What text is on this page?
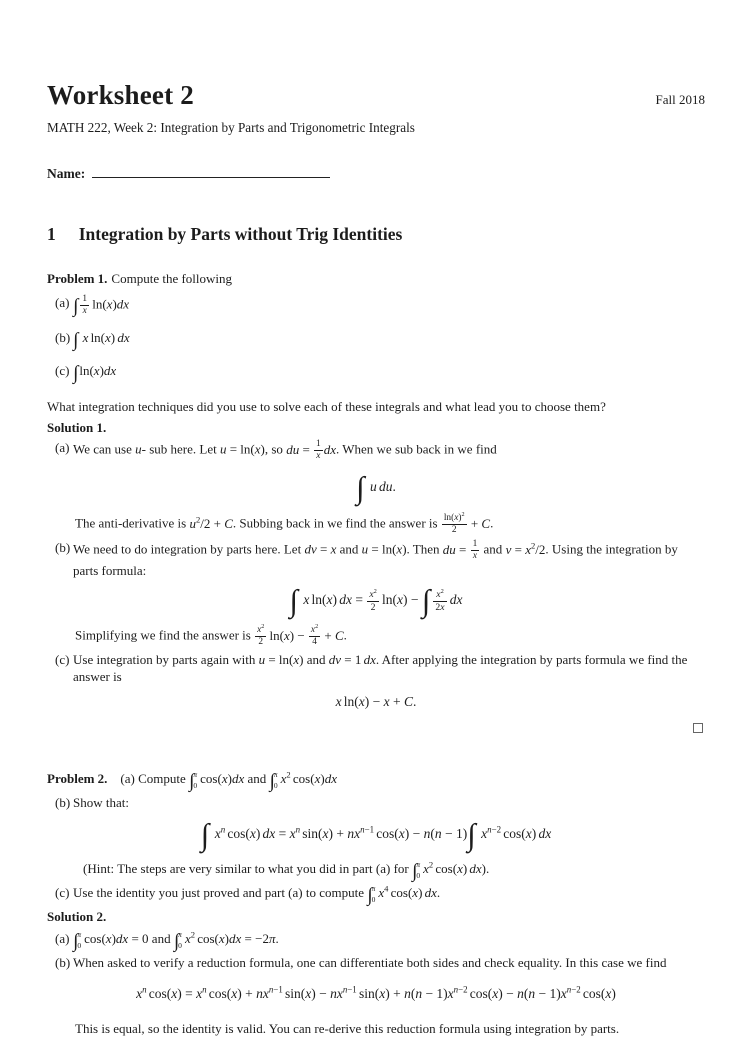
Worksheet 2	Fall 2018
MATH 222, Week 2: Integration by Parts and Trigonometric Integrals
Name:
1 Integration by Parts without Trig Identities

Problem 1. Compute the following

(a) ∫ $\frac{1}{x} \ln(x)dx$
(b) ∫ x ln(x) dx
(c) ∫ln(x)dx

What integration techniques did you use to solve each of these integrals and what lead you to choose them?

Solution 1.

(a) We can use u- sub here. Let u = ln(x), so du = $\frac{1}{x}$ dx. When we sub back in we find
∫ u du.

The anti-derivative is $u^2/2 + C$. Subbing back in we find the answer is $\frac{\ln(x)^2}{2} + C$.

(b) We need to do integration by parts here. Let dv = x and u = ln(x). Then du = $\frac{1}{x}$ and $v = x^2/2$. Using the integration by parts formula:
∫ x ln(x) dx = $\frac{x^2}{2} \ln(x)$ − ∫ $\frac{x^2}{2x}$ dx

Simplifying we find the answer is $\frac{x^2}{2} \ln(x) - \frac{x^2}{4} + C$.

(c) Use integration by parts again with u = ln(x) and dv = 1 dx. After applying the integration by parts formula we find the answer is
x ln(x) − x + C.

Problem 2. (a) Compute ∫ π
0 cos(x)dx and ∫ π
0 $x^2$ cos(x)dx

(b) Show that:
∫ $x^n$ cos(x) dx = $x^n$ $\sin(x) + nx^{n-1}$ cos(x) − n(n − 1)∫ $x^{n-2}$ cos(x) dx

(Hint: The steps are very similar to what you did in part (a) for ∫ π
0 $x^2$ cos(x) dx).

(c) Use the identity you just proved and part (a) to compute ∫ π
0 $x^4$ cos(x) dx.

Solution 2.

(a) ∫ π
0 cos(x)dx = 0 and ∫ π
0 $x^2$ cos(x)dx = −2π.
(b) When asked to verify a reduction formula, one can differentiate both sides and check equality. In this case we find
$x^n$ $\cos(x) = x^n$ $\cos(x) + nx^{n-1}$ $\sin(x) - nx^{n-1}$ $\sin(x) + n(n - 1)x^{n-2}$ $\cos(x) - n(n - 1)x^{n-2}$ cos(x)

This is equal, so the identity is valid. You can re-derive this reduction formula using integration by parts.
